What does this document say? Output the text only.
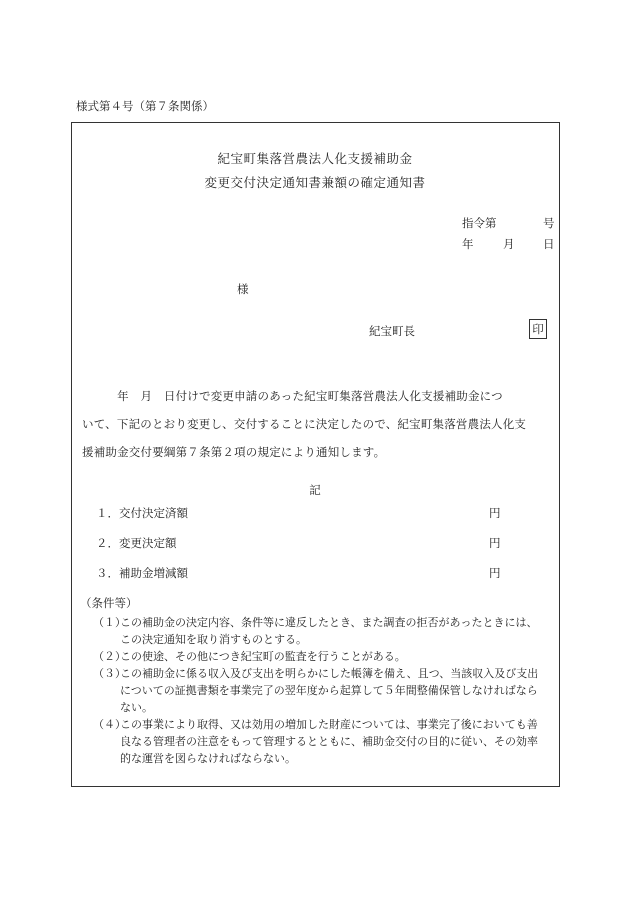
様式第４号（第７条関係）
紀宝町集落営農法人化支援補助金
変更交付決定通知書兼額の確定通知書
指令第	号
年	月 日
様
紀宝町長	印

　　　年　月　日付けで変更申請のあった紀宝町集落営農法人化支援補助金につ

いて、下記のとおり変更し、交付することに決定したので、紀宝町集落営農法人化支

援補助金交付要綱第７条第２項の規定により通知します。

記
１．交付決定済額	円
２．変更決定額	円
３．補助金増減額	円
（条件等）
（１）
この補助金の決定内容、条件等に違反したとき、また調査の拒否があったときには、この決定通知を取り消すものとする。
（２）
この使途、その他につき紀宝町の監査を行うことがある。
（３）
この補助金に係る収入及び支出を明らかにした帳簿を備え、且つ、当該収入及び支出についての証拠書類を事業完了の翌年度から起算して５年間整備保管しなければならない。
（４）
この事業により取得、又は効用の増加した財産については、事業完了後においても善良なる管理者の注意をもって管理するとともに、補助金交付の目的に従い、その効率的な運営を図らなければならない。
